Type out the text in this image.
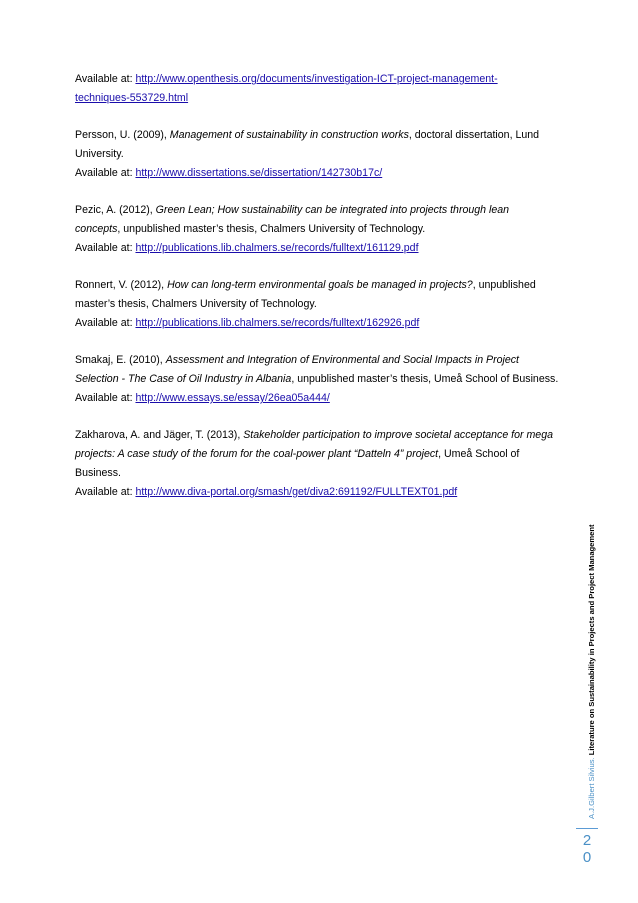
Available at: http://www.openthesis.org/documents/investigation-ICT-project-management-
techniques-553729.html
Persson, U. (2009), Management of sustainability in construction works, doctoral dissertation, Lund
University.
Available at: http://www.dissertations.se/dissertation/142730b17c/
Pezic, A. (2012), Green Lean; How sustainability can be integrated into projects through lean
concepts, unpublished master’s thesis, Chalmers University of Technology.
Available at: http://publications.lib.chalmers.se/records/fulltext/161129.pdf
Ronnert, V. (2012), How can long-term environmental goals be managed in projects?, unpublished
master’s thesis, Chalmers University of Technology.
Available at: http://publications.lib.chalmers.se/records/fulltext/162926.pdf
Smakaj, E. (2010), Assessment and Integration of Environmental and Social Impacts in Project
Selection - The Case of Oil Industry in Albania, unpublished master’s thesis, Umeå School of Business.
Available at: http://www.essays.se/essay/26ea05a444/
Zakharova, A. and Jäger, T. (2013), Stakeholder participation to improve societal acceptance for mega
projects: A case study of the forum for the coal-power plant “Datteln 4” project, Umeå School of
Business.
Available at: http://www.diva-portal.org/smash/get/diva2:691192/FULLTEXT01.pdf
A.J.Gilbert Silvius. Literature on Sustainability in Projects and Project Management
2
0
